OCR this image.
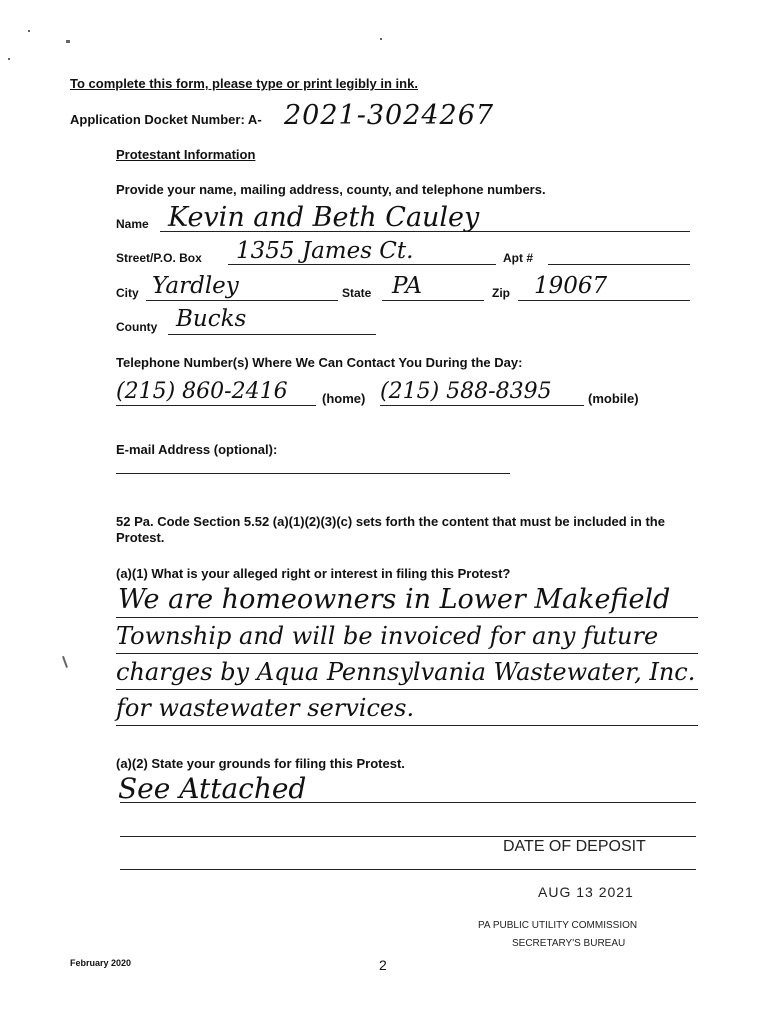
To complete this form, please type or print legibly in ink.
Application Docket Number: A- 2021-3024267
Protestant Information
Provide your name, mailing address, county, and telephone numbers.
Name Kevin and Beth Cauley
Street/P.O. Box 1355 James Ct.	Apt #
City Yardley	State PA	Zip 19067
County Bucks
Telephone Number(s) Where We Can Contact You During the Day:
(215) 860-2416	(home) (215) 588-8395	(mobile)
E-mail Address (optional):
52 Pa. Code Section 5.52 (a)(1)(2)(3)(c) sets forth the content that must be included in the Protest.
(a)(1) What is your alleged right or interest in filing this Protest?
We are homeowners in Lower Makefield
Township and will be invoiced for any future
charges by Aqua Pennsylvania Wastewater, Inc.
for wastewater services.
(a)(2) State your grounds for filing this Protest.
See Attached
DATE OF DEPOSIT
AUG 13 2021
PA PUBLIC UTILITY COMMISSION
SECRETARY'S BUREAU
February 2020	2
